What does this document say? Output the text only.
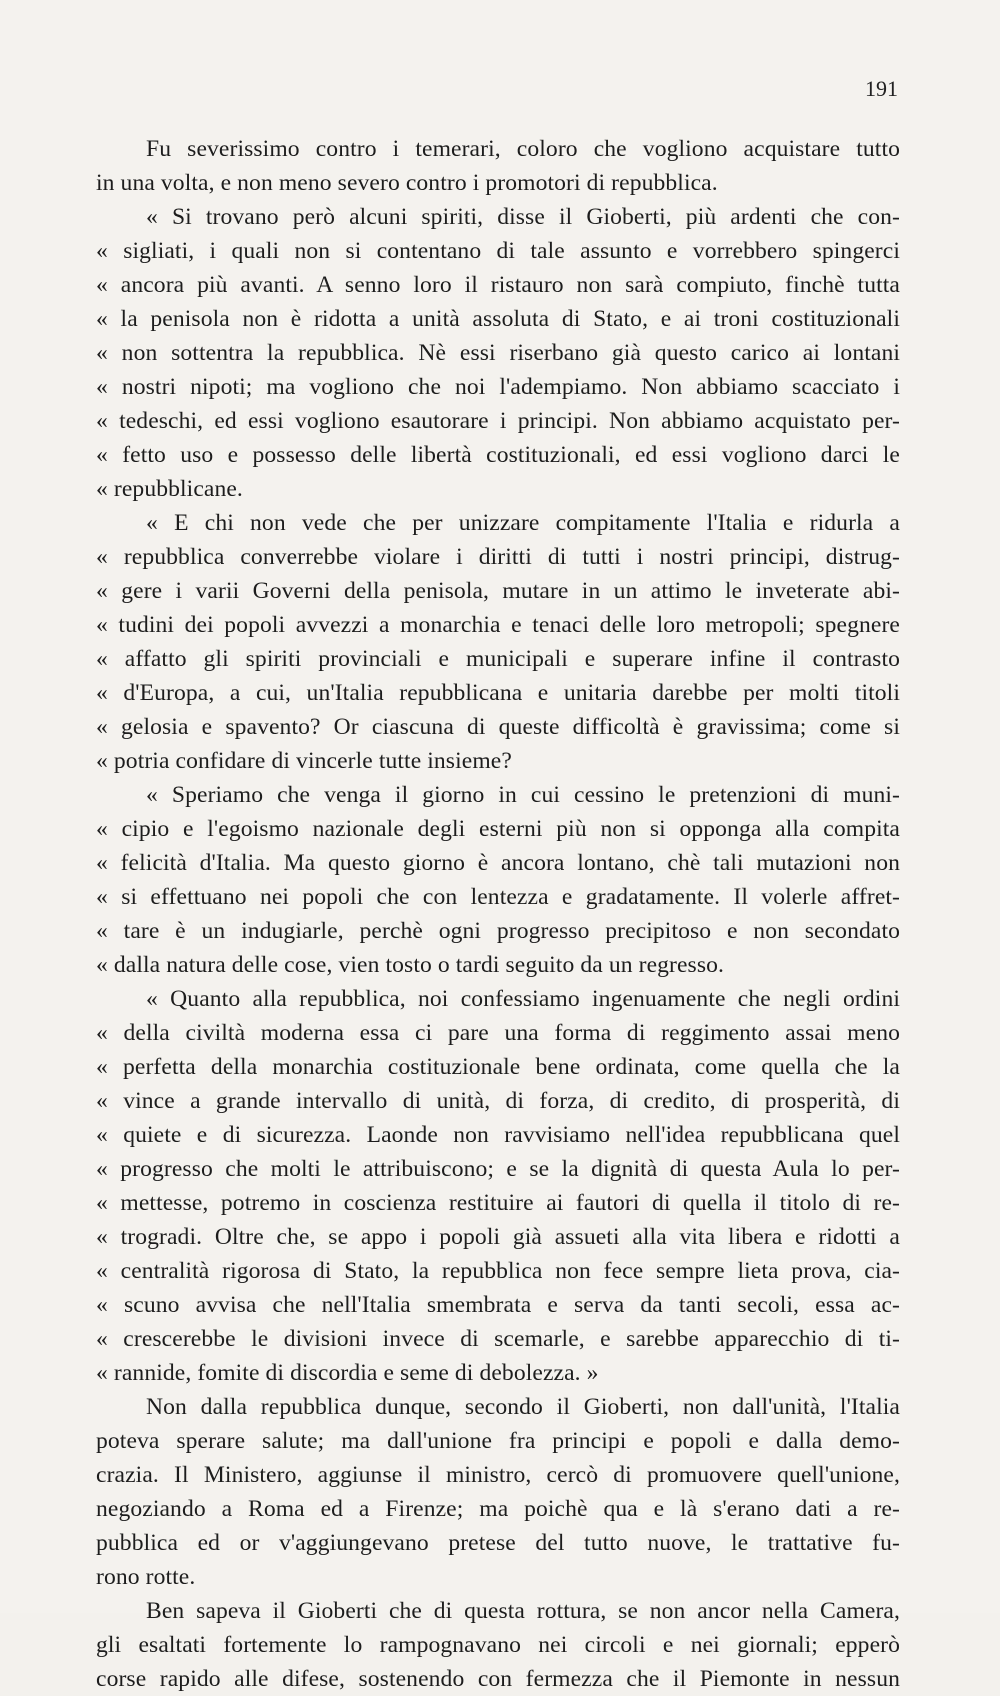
191
Fu severissimo contro i temerari, coloro che vogliono acquistare tutto
in una volta, e non meno severo contro i promotori di repubblica.
« Si trovano però alcuni spiriti, disse il Gioberti, più ardenti che con-
« sigliati, i quali non si contentano di tale assunto e vorrebbero spingerci
« ancora più avanti. A senno loro il ristauro non sarà compiuto, finchè tutta
« la penisola non è ridotta a unità assoluta di Stato, e ai troni costituzionali
« non sottentra la repubblica. Nè essi riserbano già questo carico ai lontani
« nostri nipoti; ma vogliono che noi l'adempiamo. Non abbiamo scacciato i
« tedeschi, ed essi vogliono esautorare i principi. Non abbiamo acquistato per-
« fetto uso e possesso delle libertà costituzionali, ed essi vogliono darci le
« repubblicane.
« E chi non vede che per unizzare compitamente l'Italia e ridurla a
« repubblica converrebbe violare i diritti di tutti i nostri principi, distrug-
« gere i varii Governi della penisola, mutare in un attimo le inveterate abi-
« tudini dei popoli avvezzi a monarchia e tenaci delle loro metropoli; spegnere
« affatto gli spiriti provinciali e municipali e superare infine il contrasto
« d'Europa, a cui, un'Italia repubblicana e unitaria darebbe per molti titoli
« gelosia e spavento? Or ciascuna di queste difficoltà è gravissima; come si
« potria confidare di vincerle tutte insieme?
« Speriamo che venga il giorno in cui cessino le pretenzioni di muni-
« cipio e l'egoismo nazionale degli esterni più non si opponga alla compita
« felicità d'Italia. Ma questo giorno è ancora lontano, chè tali mutazioni non
« si effettuano nei popoli che con lentezza e gradatamente. Il volerle affret-
« tare è un indugiarle, perchè ogni progresso precipitoso e non secondato
« dalla natura delle cose, vien tosto o tardi seguito da un regresso.
« Quanto alla repubblica, noi confessiamo ingenuamente che negli ordini
« della civiltà moderna essa ci pare una forma di reggimento assai meno
« perfetta della monarchia costituzionale bene ordinata, come quella che la
« vince a grande intervallo di unità, di forza, di credito, di prosperità, di
« quiete e di sicurezza. Laonde non ravvisiamo nell'idea repubblicana quel
« progresso che molti le attribuiscono; e se la dignità di questa Aula lo per-
« mettesse, potremo in coscienza restituire ai fautori di quella il titolo di re-
« trogradi. Oltre che, se appo i popoli già assueti alla vita libera e ridotti a
« centralità rigorosa di Stato, la repubblica non fece sempre lieta prova, cia-
« scuno avvisa che nell'Italia smembrata e serva da tanti secoli, essa ac-
« crescerebbe le divisioni invece di scemarle, e sarebbe apparecchio di ti-
« rannide, fomite di discordia e seme di debolezza. »
Non dalla repubblica dunque, secondo il Gioberti, non dall'unità, l'Italia
poteva sperare salute; ma dall'unione fra principi e popoli e dalla demo-
crazia. Il Ministero, aggiunse il ministro, cercò di promuovere quell'unione,
negoziando a Roma ed a Firenze; ma poichè qua e là s'erano dati a re-
pubblica ed or v'aggiungevano pretese del tutto nuove, le trattative fu-
rono rotte.
Ben sapeva il Gioberti che di questa rottura, se non ancor nella Camera,
gli esaltati fortemente lo rampognavano nei circoli e nei giornali; epperò
corse rapido alle difese, sostenendo con fermezza che il Piemonte in nessun
